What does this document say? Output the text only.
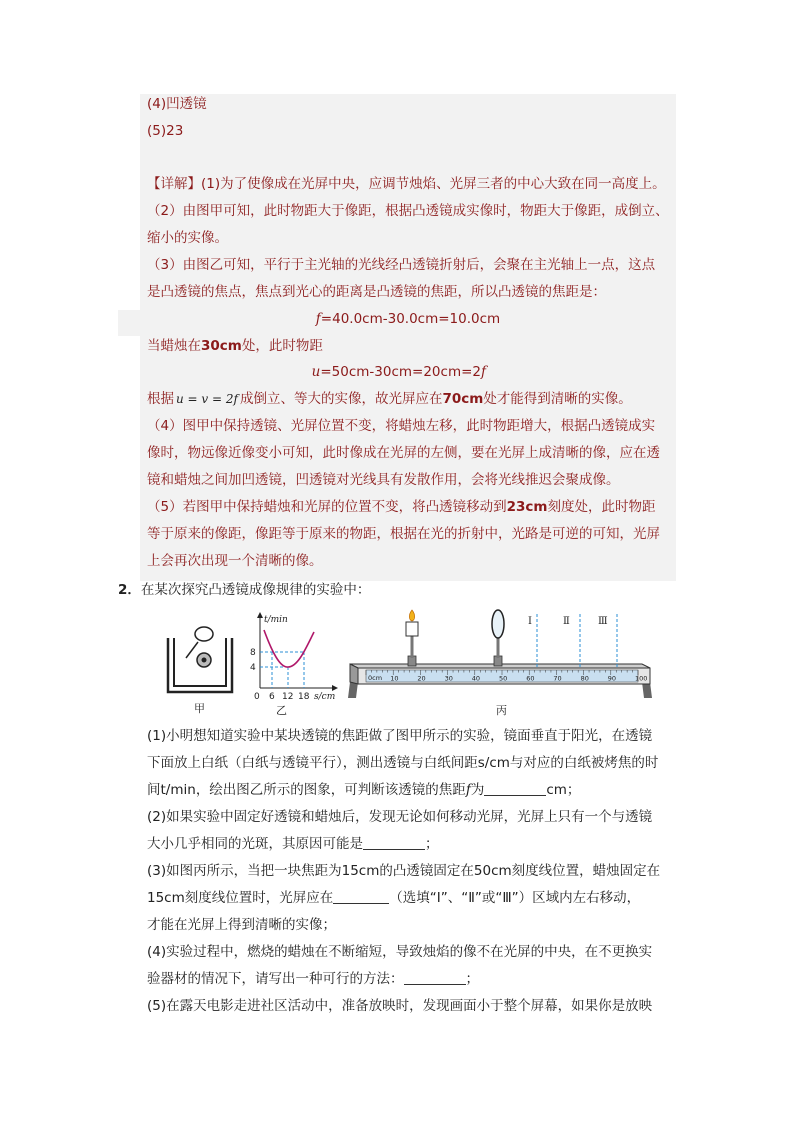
(4)凹透镜
(5)23
【详解】(1)为了使像成在光屏中央，应调节烛焰、光屏三者的中心大致在同一高度上。
（2）由图甲可知，此时物距大于像距，根据凸透镜成实像时，物距大于像距，成倒立、
缩小的实像。
（3）由图乙可知，平行于主光轴的光线经凸透镜折射后，会聚在主光轴上一点，这点
是凸透镜的焦点，焦点到光心的距离是凸透镜的焦距，所以凸透镜的焦距是：
f=40.0cm-30.0cm=10.0cm
当蜡烛在30cm处，此时物距
u=50cm-30cm=20cm=2f
根据 u = v = 2f 成倒立、等大的实像，故光屏应在70cm处才能得到清晰的实像。
（4）图甲中保持透镜、光屏位置不变，将蜡烛左移，此时物距增大，根据凸透镜成实
像时，物远像近像变小可知，此时像成在光屏的左侧，要在光屏上成清晰的像，应在透
镜和蜡烛之间加凹透镜，凹透镜对光线具有发散作用，会将光线推迟会聚成像。
（5）若图甲中保持蜡烛和光屏的位置不变，将凸透镜移动到23cm刻度处，此时物距
等于原来的像距，像距等于原来的物距，根据在光的折射中，光路是可逆的可知，光屏
上会再次出现一个清晰的像。
2．在某次探究凸透镜成像规律的实验中：
甲
t/min
8
4
0 6 12 18 s/cm
乙
0cm 10	20	30	40	50	60	70	80	90	100
Ⅰ	Ⅱ	Ⅲ
丙
(1)小明想知道实验中某块透镜的焦距做了图甲所示的实验，镜面垂直于阳光，在透镜
下面放上白纸（白纸与透镜平行），测出透镜与白纸间距s/cm与对应的白纸被烤焦的时
间t/min，绘出图乙所示的图象，可判断该透镜的焦距f为	cm；
(2)如果实验中固定好透镜和蜡烛后，发现无论如何移动光屏，光屏上只有一个与透镜
大小几乎相同的光斑，其原因可能是	；
(3)如图丙所示，当把一块焦距为15cm的凸透镜固定在50cm刻度线位置，蜡烛固定在
15cm刻度线位置时，光屏应在	（选填“Ⅰ”、“Ⅱ”或“Ⅲ”）区域内左右移动，
才能在光屏上得到清晰的实像；
(4)实验过程中，燃烧的蜡烛在不断缩短，导致烛焰的像不在光屏的中央，在不更换实
验器材的情况下，请写出一种可行的方法：	；
(5)在露天电影走进社区活动中，准备放映时，发现画面小于整个屏幕，如果你是放映
